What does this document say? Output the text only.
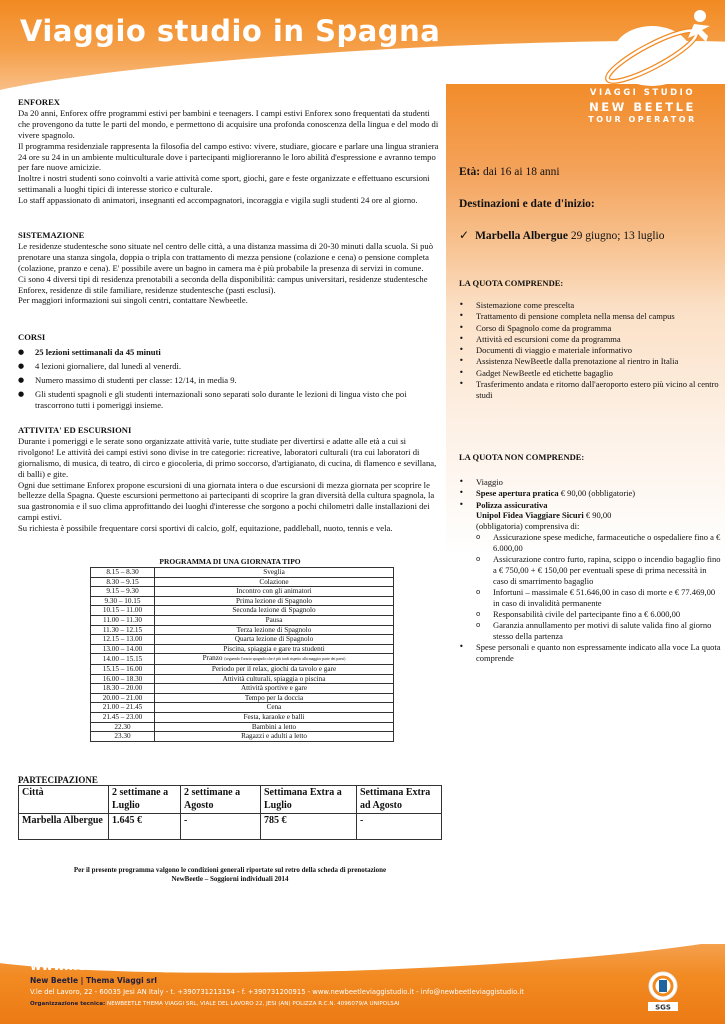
Viaggio studio in Spagna
VIAGGI STUDIO
NEW BEETLE
TOUR OPERATOR
ENFOREX
Da 20 anni, Enforex offre programmi estivi per bambini e teenagers. I campi estivi Enforex sono frequentati da studenti che provengono da tutte le parti del mondo, e permettono di acquisire una profonda conoscenza della lingua e del modo di vivere spagnolo.
Il programma residenziale rappresenta la filosofia del campo estivo: vivere, studiare, giocare e parlare una lingua straniera 24 ore su 24 in un ambiente multiculturale dove i partecipanti miglioreranno le loro abilità d'espressione e avranno tempo per fare nuove amicizie.
Inoltre i nostri studenti sono coinvolti a varie attività come sport, giochi, gare e feste organizzate e effettuano escursioni settimanali a luoghi tipici di interesse storico e culturale.
Lo staff appassionato di animatori, insegnanti ed accompagnatori, incoraggia e vigila sugli studenti 24 ore al giorno.
SISTEMAZIONE
Le residenze studentesche sono situate nel centro delle città, a una distanza massima di 20-30 minuti dalla scuola. Si può prenotare una stanza singola, doppia o tripla con trattamento di mezza pensione (colazione e cena) o pensione completa (colazione, pranzo e cena). E' possibile avere un bagno in camera ma è più probabile la presenza di servizi in comune.
Ci sono 4 diversi tipi di residenza prenotabili a seconda della disponibilità: campus universitari, residenze studentesche Enforex, residenze di stile familiare, residenze studentesche (pasti esclusi).
Per maggiori informazioni sui singoli centri, contattare Newbeetle.
CORSI
● 25 lezioni settimanali da 45 minuti
● 4 lezioni giornaliere, dal lunedì al venerdì.
● Numero massimo di studenti per classe: 12/14, in media 9.
● Gli studenti spagnoli e gli studenti internazionali sono separati solo durante le lezioni di lingua visto che poi trascorrono tutti i pomeriggi insieme.
ATTIVITA' ED ESCURSIONI
Durante i pomeriggi e le serate sono organizzate attività varie, tutte studiate per divertirsi e adatte alle età a cui si rivolgono! Le attività dei campi estivi sono divise in tre categorie: ricreative, laboratori culturali (tra cui laboratori di giornalismo, di musica, di teatro, di circo e giocoleria, di primo soccorso, d'artigianato, di cucina, di flamenco e sevillana, di balli) e gite.
Ogni due settimane Enforex propone escursioni di una giornata intera o due escursioni di mezza giornata per scoprire le bellezze della Spagna. Queste escursioni permettono ai partecipanti di scoprire la gran diversità della cultura spagnola, la sua gastronomia e il suo clima approfittando dei luoghi d'interesse che sorgono a pochi chilometri dalle installazioni dei campi estivi.
Su richiesta è possibile frequentare corsi sportivi di calcio, golf, equitazione, paddleball, nuoto, tennis e vela.
PROGRAMMA DI UNA GIORNATA TIPO
8.15 – 8.30	Sveglia
8.30 – 9.15	Colazione
9.15 – 9.30	Incontro con gli animatori
9.30 – 10.15	Prima lezione di Spagnolo
10.15 – 11.00	Seconda lezione di Spagnolo
11.00 – 11.30	Pausa
11.30 – 12.15	Terza lezione di Spagnolo
12.15 – 13.00	Quarta lezione di Spagnolo
13.00 – 14.00	Piscina, spiaggia e gare tra studenti
14.00 – 15.15	Pranzo (seguendo l'orario spagnolo che è più tardi rispetto alla maggior parte dei paesi)
15.15 – 16.00	Periodo per il relax, giochi da tavolo e gare
16.00 – 18.30	Attività culturali, spiaggia o piscina
18.30 – 20.00	Attività sportive e gare
20.00 – 21.00	Tempo per la doccia
21.00 – 21.45	Cena
21.45 – 23.00	Festa, karaoke e balli
22.30	Bambini a letto
23.30	Ragazzi e adulti a letto
PARTECIPAZIONE
Città	2 settimane a Luglio	2 settimane a Agosto	Settimana Extra a Luglio	Settimana Extra ad Agosto
Marbella Albergue	1.645 €	-	785 €	-
Per il presente programma valgono le condizioni generali riportate sul retro della scheda di prenotazione
NewBeetle – Soggiorni individuali 2014
Età: dai 16 ai 18 anni
Destinazioni e date d'inizio:
✓ Marbella Albergue 29 giugno; 13 luglio
LA QUOTA COMPRENDE:
• Sistemazione come prescelta
• Trattamento di pensione completa nella mensa del campus
• Corso di Spagnolo come da programma
• Attività ed escursioni come da programma
• Documenti di viaggio e materiale informativo
• Assistenza NewBeetle dalla prenotazione al rientro in Italia
• Gadget NewBeetle ed etichette bagaglio
• Trasferimento andata e ritorno dall'aeroporto estero più vicino al centro studi
LA QUOTA NON COMPRENDE:
• Viaggio
• Spese apertura pratica € 90,00 (obbligatorie)
• Polizza assicurativa
Unipol Fidea Viaggiare Sicuri € 90,00
(obbligatoria) comprensiva di:
o Assicurazione spese mediche, farmaceutiche o ospedaliere fino a € 6.000,00
o Assicurazione contro furto, rapina, scippo o incendio bagaglio fino a € 750,00 + € 150,00 per eventuali spese di prima necessità in caso di smarrimento bagaglio
o Infortuni – massimale € 51.646,00 in caso di morte e € 77.469,00 in caso di invalidità permanente
o Responsabilità civile del partecipante fino a € 6.000,00
o Garanzia annullamento per motivi di salute valida fino al giorno stesso della partenza
• Spese personali e quanto non espressamente indicato alla voce La quota comprende
www.newbeetleviaggistudio.it
New Beetle | Thema Viaggi srl
V.le del Lavoro, 22 - 60035 Jesi AN Italy - t. +390731213154 - f. +390731200915 - www.newbeetleviaggistudio.it - info@newbeetleviaggistudio.it
Organizzazione tecnica: NEWBEETLE THEMA VIAGGI SRL, VIALE DEL LAVORO 22, JESI (AN) POLIZZA R.C.N. 4096079/A UNIPOLSAI	SGS
